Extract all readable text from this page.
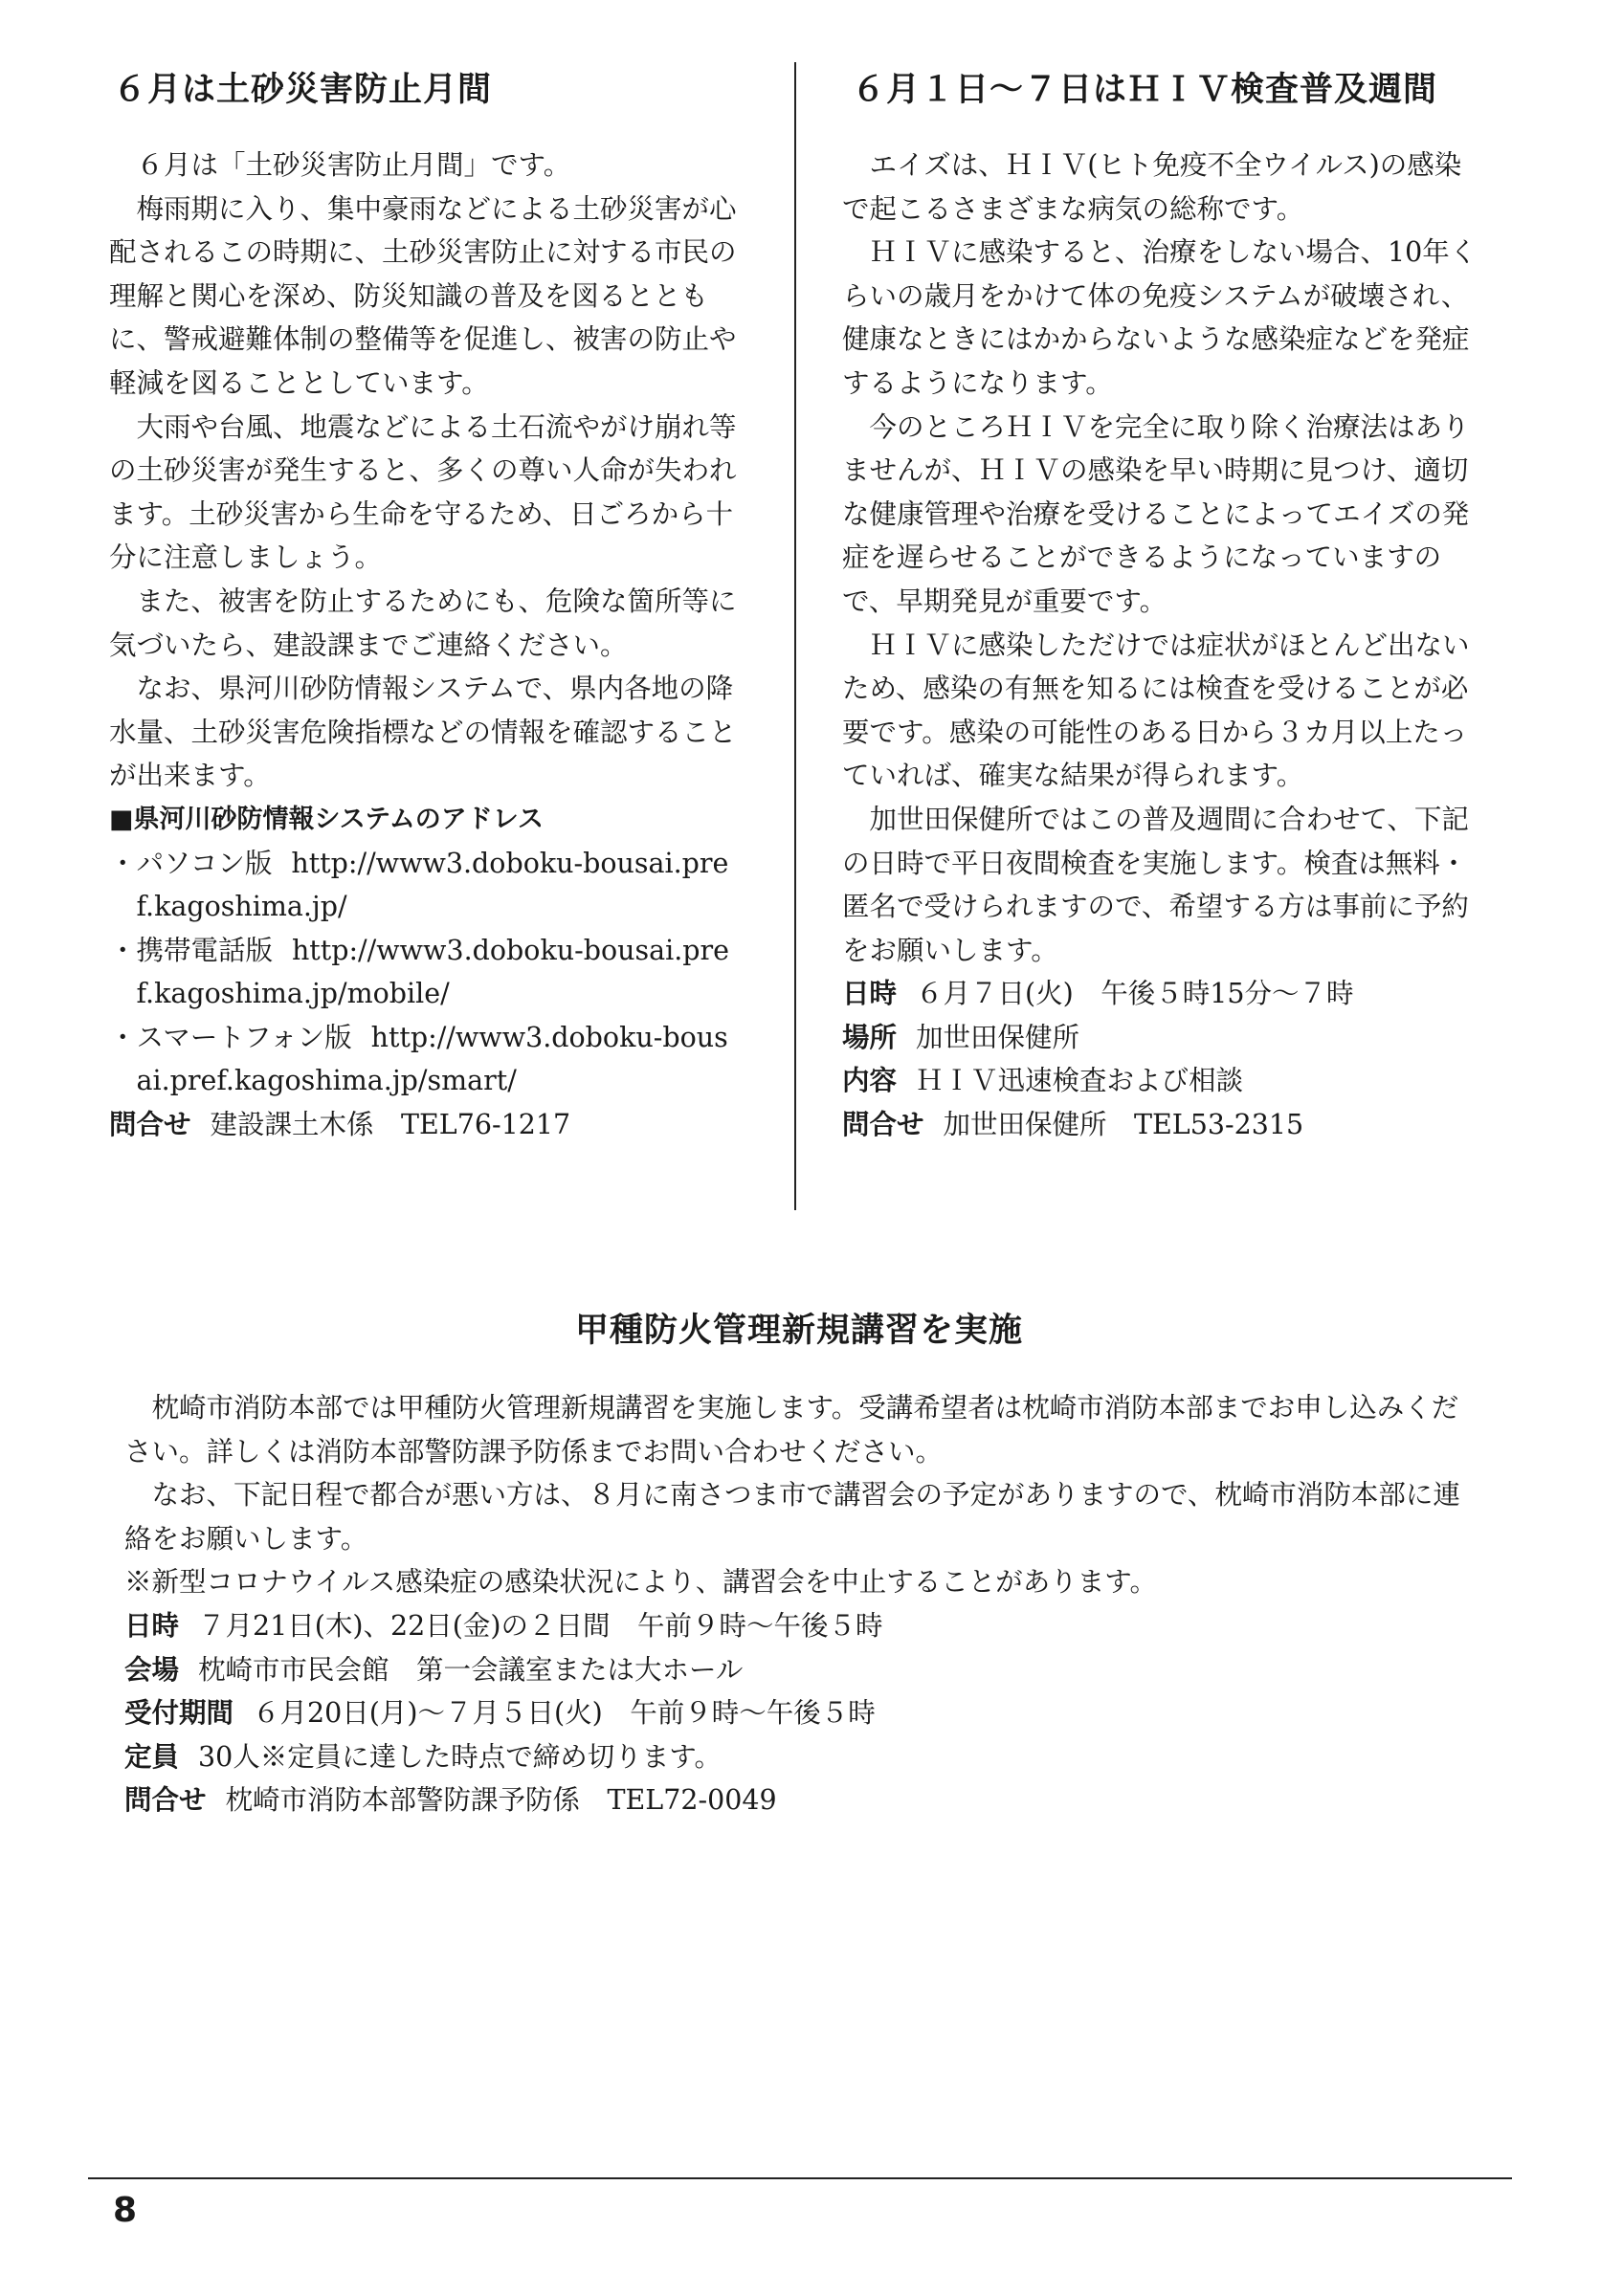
６月は土砂災害防止月間

６月は「土砂災害防止月間」です。

梅雨期に入り、集中豪雨などによる土砂災害が心配されるこの時期に、土砂災害防止に対する市民の理解と関心を深め、防災知識の普及を図るとともに、警戒避難体制の整備等を促進し、被害の防止や軽減を図ることとしています。

大雨や台風、地震などによる土石流やがけ崩れ等の土砂災害が発生すると、多くの尊い人命が失われます。土砂災害から生命を守るため、日ごろから十分に注意しましょう。

また、被害を防止するためにも、危険な箇所等に気づいたら、建設課までご連絡ください。

なお、県河川砂防情報システムで、県内各地の降水量、土砂災害危険指標などの情報を確認することが出来ます。

■県河川砂防情報システムのアドレス
・ パソコン版 http://www3.doboku-bousai.pref.kagoshima.jp/
・ 携帯電話版 http://www3.doboku-bousai.pref.kagoshima.jp/mobile/
・ スマートフォン版 http://www3.doboku-bousai.pref.kagoshima.jp/smart/
問合せ 建設課土木係　TEL76-1217
６月１日～７日はＨＩＶ検査普及週間

エイズは、ＨＩＶ(ヒト免疫不全ウイルス)の感染で起こるさまざまな病気の総称です。

ＨＩＶに感染すると、治療をしない場合、10年くらいの歳月をかけて体の免疫システムが破壊され、健康なときにはかからないような感染症などを発症するようになります。

今のところＨＩＶを完全に取り除く治療法はありませんが、ＨＩＶの感染を早い時期に見つけ、適切な健康管理や治療を受けることによってエイズの発症を遅らせることができるようになっていますので、早期発見が重要です。

ＨＩＶに感染しただけでは症状がほとんど出ないため、感染の有無を知るには検査を受けることが必要です。感染の可能性のある日から３カ月以上たっていれば、確実な結果が得られます。

加世田保健所ではこの普及週間に合わせて、下記の日時で平日夜間検査を実施します。検査は無料・匿名で受けられますので、希望する方は事前に予約をお願いします。

日時 ６月７日(火)　午後５時15分～７時
場所 加世田保健所
内容 ＨＩＶ迅速検査および相談
問合せ 加世田保健所　TEL53-2315
甲種防火管理新規講習を実施

枕崎市消防本部では甲種防火管理新規講習を実施します。受講希望者は枕崎市消防本部までお申し込みください。詳しくは消防本部警防課予防係までお問い合わせください。

なお、下記日程で都合が悪い方は、８月に南さつま市で講習会の予定がありますので、枕崎市消防本部に連絡をお願いします。

※新型コロナウイルス感染症の感染状況により、講習会を中止することがあります。
日時 ７月21日(木)、22日(金)の２日間　午前９時～午後５時
会場 枕崎市市民会館　第一会議室または大ホール
受付期間 ６月20日(月)～７月５日(火)　午前９時～午後５時
定員 30人※定員に達した時点で締め切ります。
問合せ 枕崎市消防本部警防課予防係　TEL72-0049
8
